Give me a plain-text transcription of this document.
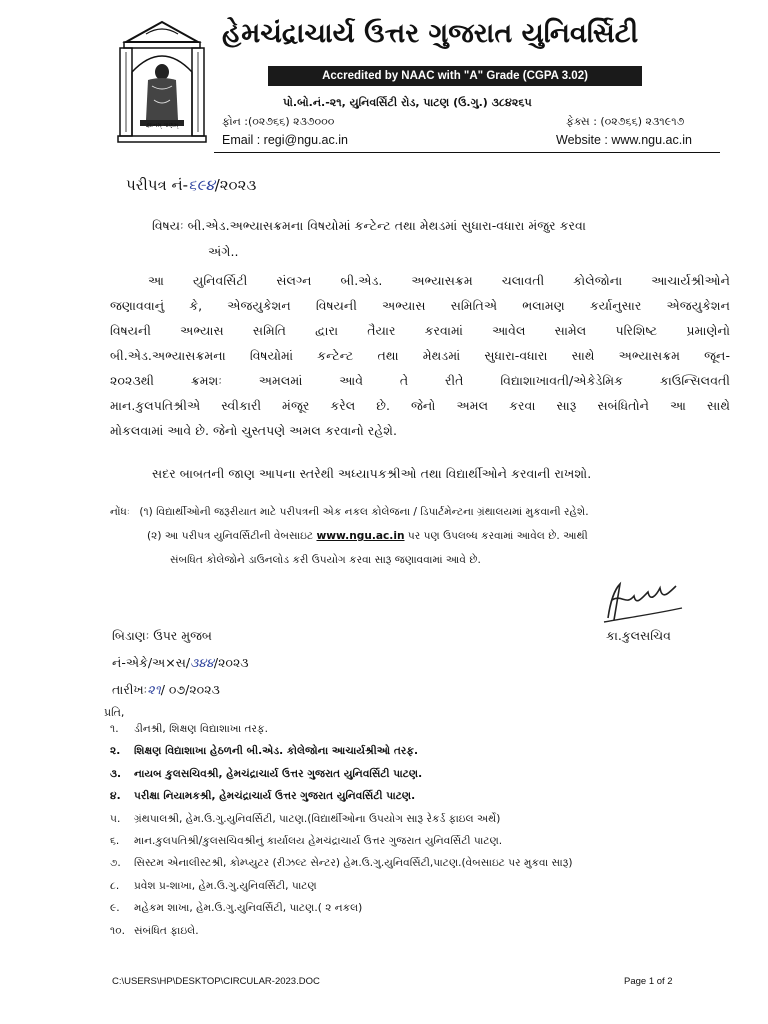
જ્ઞાનમ્ ત્રાણમ્
હેમચંદ્રાચાર્ય ઉત્તર ગુજરાત યુનિવર્સિટી
Accredited by NAAC with "A" Grade (CGPA 3.02)
પો.બો.નં.-૨૧, યુનિવર્સિટી રોડ, પાટણ (ઉ.ગુ.) ૩૮૪૨૬૫
ફોન :(૦૨૭૬૬) ૨૩૭૦૦૦	ફેક્સ : (૦૨૭૬૬) ૨૩૧૯૧૭
Email : regi@ngu.ac.in	Website : www.ngu.ac.in
પરીપત્ર નં-૬૯૪/૨૦૨૩
વિષયઃ બી.એડ.અભ્યાસક્રમના વિષયોમાં કન્ટેન્ટ તથા મેથડમાં સુધારા-વધારા મંજુર કરવા
અંગે..
આ યુનિવર્સિટી સંલગ્ન બી.એડ. અભ્યાસક્રમ ચલાવતી કોલેજોના આચાર્યશ્રીઓને
જણાવવાનું કે, એજયુકેશન વિષયની અભ્યાસ સમિતિએ ભલામણ કર્યાનુસાર એજયુકેશન
વિષયની અભ્યાસ સમિતિ દ્વારા તૈયાર કરવામાં આવેલ સામેલ પરિશિષ્ટ પ્રમાણેનો
બી.એડ.અભ્યાસક્રમના વિષયોમાં કન્ટેન્ટ તથા મેથડમાં સુધારા-વધારા સાથે અભ્યાસક્રમ જૂન-
૨૦૨૩થી ક્રમશઃ અમલમાં આવે તે રીતે વિદ્યાશાખાવતી/એકેડેમિક કાઉન્સિલવતી
માન.કુલપતિશ્રીએ સ્વીકારી મંજૂર કરેલ છે. જેનો અમલ કરવા સારૂ સબંધિતોને આ સાથે
મોકલવામાં આવે છે. જેનો ચુસ્તપણે અમલ કરવાનો રહેશે.
સદર બાબતની જાણ આપના સ્તરેથી અધ્યાપકશ્રીઓ તથા વિદ્યાર્થીઓને કરવાની રાખશો.
નોંધઃ (૧) વિદ્યાર્થીઓની જરૂરીયાત માટે પરીપત્રની એક નકલ કોલેજના / ડિપાર્ટમેન્ટના ગ્રંથાલયમાં મુકવાની રહેશે.
(૨) આ પરીપત્ર યુનિવર્સિટીની વેબસાઇટ www.ngu.ac.in પર પણ ઉપલબ્ધ કરવામાં આવેલ છે. આથી
સંબધિત કોલેજોને ડાઉનલોડ કરી ઉપયોગ કરવા સારૂ જણાવવામાં આવે છે.
કા.કુલસચિવ
બિડાણઃ ઉપર મુજબ
નં-એકે/અ×સ/૩૪૪/૨૦૨૩
તારીખઃ૨૧/ ૦૭/૨૦૨૩
પ્રતિ,
૧. ડીનશ્રી, શિક્ષણ વિદ્યાશાખા તરફ.
૨. શિક્ષણ વિદ્યાશાખા હેઠળની બી.એડ. કોલેજોના આચાર્યશ્રીઓ તરફ.
૩. નાયબ કુલસચિવશ્રી, હેમચંદ્રાચાર્ય ઉત્તર ગુજરાત યુનિવર્સિટી પાટણ.
૪. પરીક્ષા નિયામકશ્રી, હેમચંદ્રાચાર્ય ઉત્તર ગુજરાત યુનિવર્સિટી પાટણ.
૫. ગ્રંથપાલશ્રી, હેમ.ઉ.ગુ.યુનિવર્સિટી, પાટણ.(વિદ્યાર્થીઓના ઉપયોગ સારૂ રેકર્ડ ફાઇલ અર્થે)
૬. માન.કુલપતિશ્રી/કુલસચિવશ્રીનું કાર્યાલય હેમચંદ્રાચાર્ય ઉત્તર ગુજરાત યુનિવર્સિટી પાટણ.
૭. સિસ્ટમ એનાલીસ્ટશ્રી, કોમ્પ્યુટર (રીઝલ્ટ સેન્ટર) હેમ.ઉ.ગુ.યુનિવર્સિટી,પાટણ.(વેબસાઇટ પર મુકવા સારૂ)
૮. પ્રવેશ પ્ર-શાખા, હેમ.ઉ.ગુ.યુનિવર્સિટી, પાટણ
૯. મહેકમ શાખા, હેમ.ઉ.ગુ.યુનિવર્સિટી, પાટણ.( ૨ નકલ)
૧૦. સંબંધિત ફાઇલે.
C:\USERS\HP\DESKTOP\CIRCULAR-2023.DOC	Page 1 of 2
